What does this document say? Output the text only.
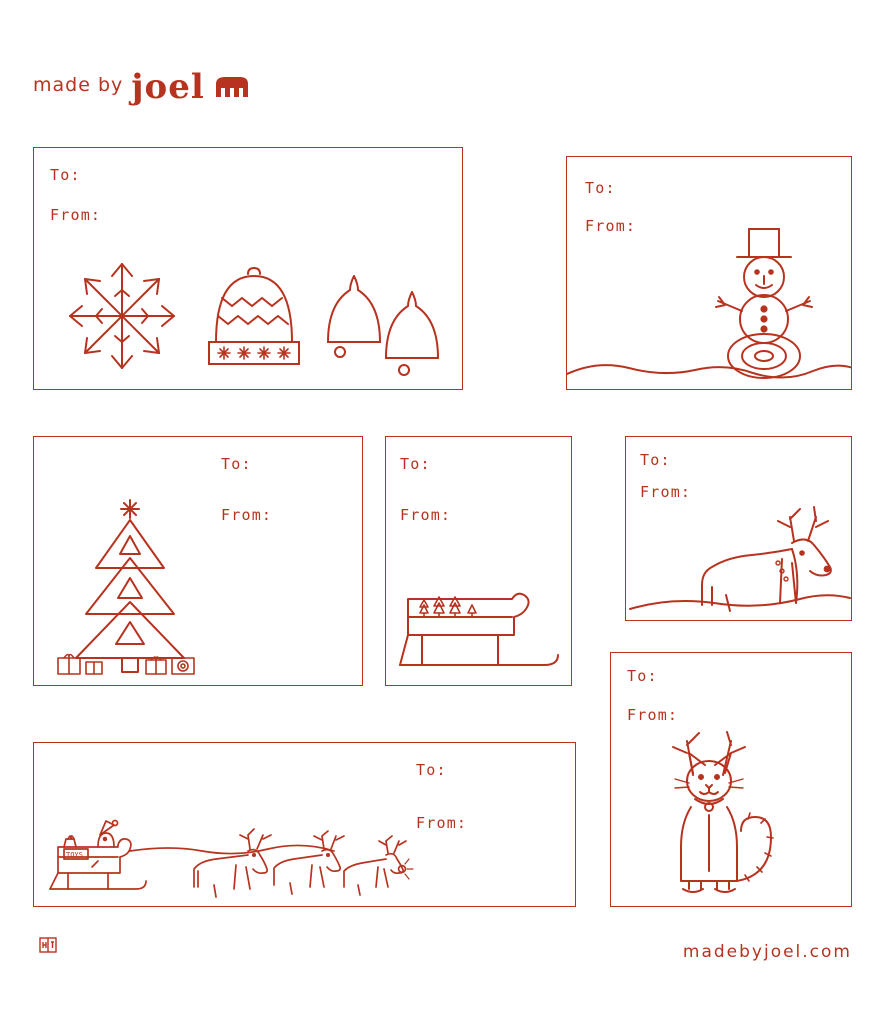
made by joel
To:
From:
To:
From:
To:
From:
To:
From:
To:
From:
To:
From:
TOYS
To:
From:
madebyjoel.com
